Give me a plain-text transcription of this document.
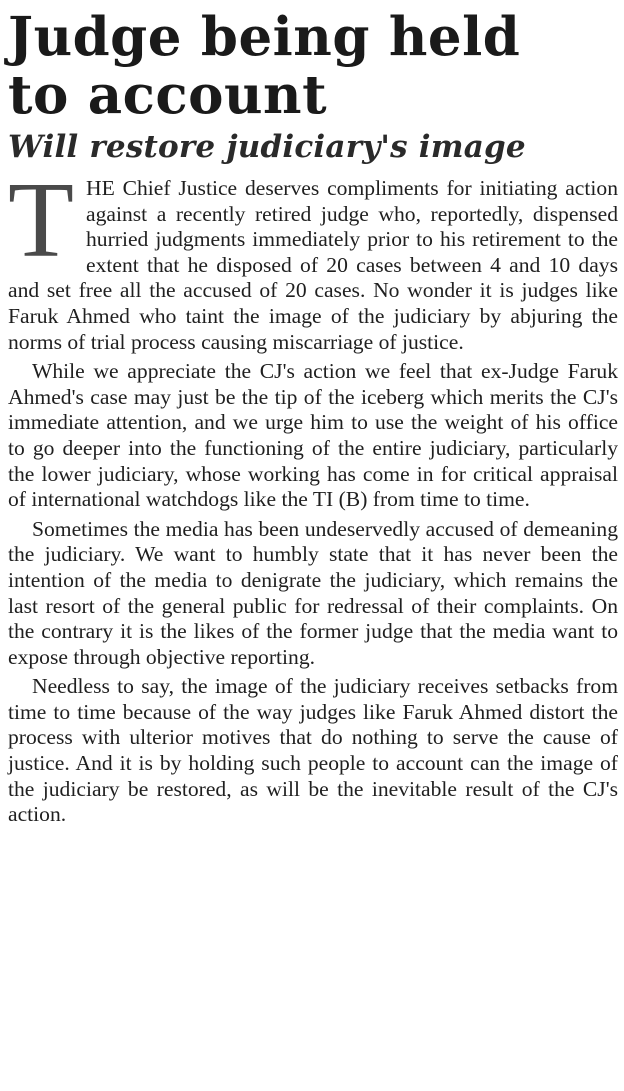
Judge being held to account
Will restore judiciary's image

T HE Chief Justice deserves compliments for initiating action against a recently retired judge who, reportedly, dispensed hurried judgments immediately prior to his retirement to the extent that he disposed of 20 cases between 4 and 10 days and set free all the accused of 20 cases. No wonder it is judges like Faruk Ahmed who taint the image of the judiciary by abjuring the norms of trial process causing miscarriage of justice.

While we appreciate the CJ's action we feel that ex-Judge Faruk Ahmed's case may just be the tip of the iceberg which merits the CJ's immediate attention, and we urge him to use the weight of his office to go deeper into the functioning of the entire judiciary, particularly the lower judiciary, whose working has come in for critical appraisal of international watchdogs like the TI (B) from time to time.

Sometimes the media has been undeservedly accused of demeaning the judiciary. We want to humbly state that it has never been the intention of the media to denigrate the judiciary, which remains the last resort of the general public for redressal of their complaints. On the contrary it is the likes of the former judge that the media want to expose through objective reporting.

Needless to say, the image of the judiciary receives setbacks from time to time because of the way judges like Faruk Ahmed distort the process with ulterior motives that do nothing to serve the cause of justice. And it is by holding such people to account can the image of the judiciary be restored, as will be the inevitable result of the CJ's action.
